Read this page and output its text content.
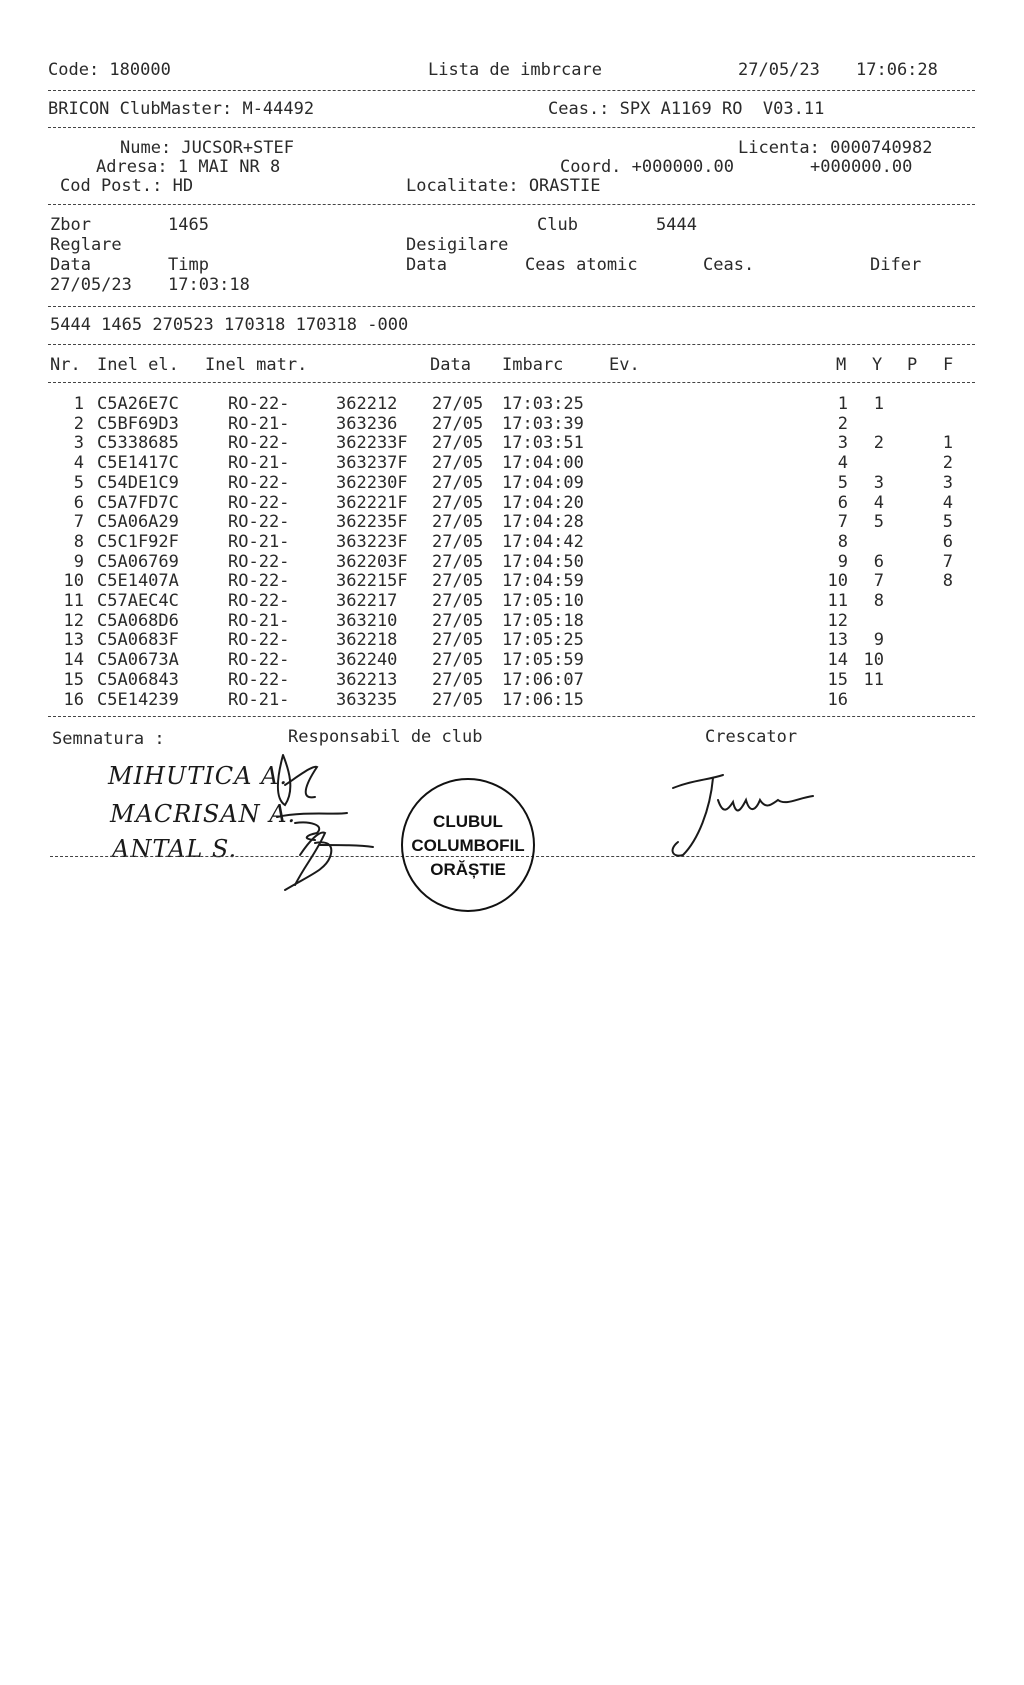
Code: 180000	Lista de imbrcare	27/05/23 17:06:28
BRICON ClubMaster: M-44492	Ceas.: SPX A1169 RO  V03.11
Nume: JUCSOR+STEF	Licenta: 0000740982
Adresa: 1 MAI NR 8	Coord. +000000.00	+000000.00
Cod Post.: HD	Localitate: ORASTIE
Zbor	1465	Club	5444
Reglare	Desigilare
Data	Timp	Data	Ceas atomic	Ceas.	Difer
27/05/23 17:03:18
5444 1465 270523 170318 170318 -000
Nr. Inel el. Inel matr.	Data Imbarc	Ev.	M Y P F
1 C5A26E7C	RO-22-	362212 27/05 17:03:25	1 1
2 C5BF69D3	RO-21-	363236 27/05 17:03:39	2
3 C5338685	RO-22-	362233F 27/05 17:03:51	3 2	1
4 C5E1417C	RO-21-	363237F 27/05 17:04:00	4	2
5 C54DE1C9	RO-22-	362230F 27/05 17:04:09	5 3	3
6 C5A7FD7C	RO-22-	362221F 27/05 17:04:20	6 4	4
7 C5A06A29	RO-22-	362235F 27/05 17:04:28	7 5	5
8 C5C1F92F	RO-21-	363223F 27/05 17:04:42	8	6
9 C5A06769	RO-22-	362203F 27/05 17:04:50	9 6	7
10 C5E1407A	RO-22-	362215F 27/05 17:04:59	10 7	8
11 C57AEC4C	RO-22-	362217 27/05 17:05:10	11 8
12 C5A068D6	RO-21-	363210 27/05 17:05:18	12
13 C5A0683F	RO-22-	362218 27/05 17:05:25	13 9
14 C5A0673A	RO-22-	362240 27/05 17:05:59	14 10
15 C5A06843	RO-22-	362213 27/05 17:06:07	15 11
16 C5E14239	RO-21-	363235 27/05 17:06:15	16
Semnatura :	Responsabil de club	Crescator
MIHUTICA A.
MACRISAN A.
ANTAL S.
CLUBUL
COLUMBOFIL
ORĂȘTIE
